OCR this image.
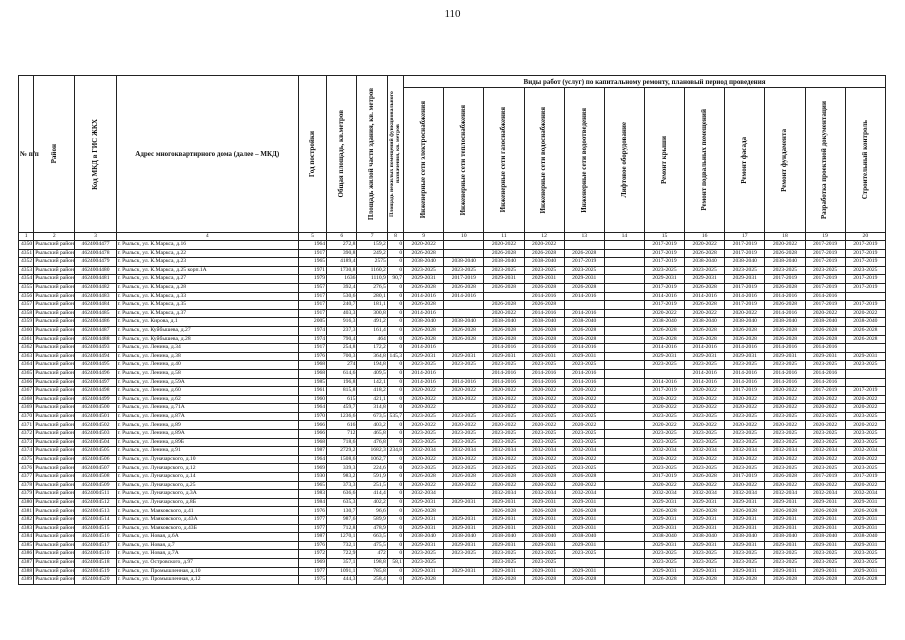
110
№ п/п	Район	Код МКД в ГИС ЖКХ	Адрес многоквартирного дома (далее – МКД)	Год постройки	Общая площадь, кв.метров	Площадь жилой части здания, кв. метров	Площадь нежилых помещений функционального назначения, кв. метров	Виды работ (услуг) по капитальному ремонту, плановый период проведения											

								Инженерные сети электроснабжения	Инженерные сети теплоснабжения	Инженерные сети газоснабжения	Инженерные сети водоснабжения	Инженерные сети водоотведения	Лифтовое оборудование	Ремонт крыши	Ремонт подвальных помещений	Ремонт фасада	Ремонт фундамента	Разработка проектной документации	Строительный контроль

1	2	3	4	5	6	7	8	9	10	11	12	13	14	15	16	17	18	19	20
4350	Рыльский район	4624004477	г. Рыльск, ул. К.Маркса, д.16	1964	272,8	159,2	0	2020-2022		2020-2022	2020-2022			2017-2019	2020-2022	2017-2019	2020-2022	2017-2019	2017-2019
4351	Рыльский район	4624004478	г. Рыльск, ул. К.Маркса, д.22	1917	390,8	249,2	0	2026-2028		2026-2028	2026-2028	2026-2028		2017-2019	2026-2028	2017-2019	2026-2028	2017-2019	2017-2019
4352	Рыльский район	4624004479	г. Рыльск, ул. К.Маркса, д.23	1965	4189,4	2575	0	2038-2040	2038-2040	2038-2040	2038-2040	2017-2019		2017-2019	2038-2040	2038-2040	2038-2040	2017-2019	2017-2019
4353	Рыльский район	4624004480	г. Рыльск, ул. К.Маркса, д.25 корп.1А	1971	1730,8	1160,2	0	2023-2025	2023-2025	2023-2025	2023-2025	2023-2025		2023-2025	2023-2025	2023-2025	2023-2025	2023-2025	2023-2025
4354	Рыльский район	4624004481	г. Рыльск, ул. К.Маркса, д.27	1979	1636	1110,9	90,7	2029-2031	2017-2019	2029-2031	2029-2031	2029-2031		2029-2031	2029-2031	2029-2031	2017-2019	2017-2019	2017-2019
4355	Рыльский район	4624004482	г. Рыльск, ул. К.Маркса, д.28	1957	392,4	276,5	0	2026-2028	2026-2028	2026-2028	2026-2028	2026-2028		2017-2019	2026-2028	2017-2019	2026-2028	2017-2019	2017-2019
4356	Рыльский район	4624004483	г. Рыльск, ул. К.Маркса, д.33	1917	530,6	280,1	0	2014-2016	2014-2016		2014-2016	2014-2016		2014-2016	2014-2016	2014-2016	2014-2016	2014-2016	
4357	Рыльский район	4624004484	г. Рыльск, ул. К.Маркса, д.35	1917	240,7	181,1	0	2026-2028		2026-2028	2026-2028			2017-2019	2026-2028	2017-2019	2026-2028	2017-2019	2017-2019
4358	Рыльский район	4624004485	г. Рыльск, ул. К.Маркса, д.37	1917	403,3	300,8	0	2014-2016		2020-2022	2014-2016	2014-2016		2020-2022	2020-2022	2020-2022	2014-2016	2020-2022	2020-2022
4359	Рыльский район	4624004486	г. Рыльск, ул. Кирова, д.1	2005	916,3	491,2	0	2038-2040	2038-2040	2038-2040	2038-2040	2038-2040		2038-2040	2038-2040	2038-2040	2038-2040	2038-2040	2038-2040
4360	Рыльский район	4624004487	г. Рыльск, ул. Куйбышева, д.27	1974	237,3	161,4	0	2026-2028	2026-2028	2026-2028	2026-2028	2026-2028		2026-2028	2026-2028	2026-2028	2026-2028	2026-2028	2026-2028
4361	Рыльский район	4624004488	г. Рыльск, ул. Куйбышева, д.28	1974	790,4	464	0	2026-2028	2026-2028	2026-2028	2026-2028	2026-2028		2026-2028	2026-2028	2026-2028	2026-2028	2026-2028	2026-2028
4362	Рыльский район	4624004493	г. Рыльск, ул. Ленина, д.34	1917	254,8	172,2	0	2014-2016		2014-2016	2014-2016	2014-2016		2014-2016	2014-2016	2014-2016	2014-2016	2014-2016	
4363	Рыльский район	4624004494	г. Рыльск, ул. Ленина, д.38	1976	700,3	364,8	145,3	2029-2031	2029-2031	2029-2031	2029-2031	2029-2031		2029-2031	2029-2031	2029-2031	2029-2031	2029-2031	2029-2031
4364	Рыльский район	4624004495	г. Рыльск, ул. Ленина, д.40	1968	274	194,8	0	2023-2025	2023-2025	2023-2025	2023-2025	2023-2025		2023-2025	2023-2025	2023-2025	2023-2025	2023-2025	2023-2025
4365	Рыльский район	4624004496	г. Рыльск, ул. Ленина, д.58	1968	614,6	409,5	0	2014-2016		2014-2016	2014-2016	2014-2016			2014-2016	2014-2016	2014-2016	2014-2016	
4366	Рыльский район	4624004497	г. Рыльск, ул. Ленина, д.59А	1985	196,8	142,1	0	2014-2016	2014-2016	2014-2016	2014-2016	2014-2016		2014-2016	2014-2016	2014-2016	2014-2016	2014-2016	
4367	Рыльский район	4624004498	г. Рыльск, ул. Ленина, д.60	1961	815,8	418,2	0	2020-2022	2020-2022	2020-2022	2020-2022	2020-2022		2017-2019	2020-2022	2017-2019	2020-2022	2017-2019	2017-2019
4368	Рыльский район	4624004499	г. Рыльск, ул. Ленина, д.62	1960	615	421,1	0	2020-2022	2020-2022	2020-2022	2020-2022	2020-2022		2020-2022	2020-2022	2020-2022	2020-2022	2020-2022	2020-2022
4369	Рыльский район	4624004500	г. Рыльск, ул. Ленина, д.71А	1964	459,7	314,8	0	2020-2022		2020-2022	2020-2022	2020-2022		2020-2022	2020-2022	2020-2022	2020-2022	2020-2022	2020-2022
4370	Рыльский район	4624004501	г. Рыльск, ул. Ленина, д.87А	1970	1236,6	673,5	535,7	2023-2025	2023-2025	2023-2025	2023-2025	2023-2025		2023-2025	2023-2025	2023-2025	2023-2025	2023-2025	2023-2025
4371	Рыльский район	4624004502	г. Рыльск, ул. Ленина, д.89	1966	616	403,2	0	2020-2022	2020-2022	2020-2022	2020-2022	2020-2022		2020-2022	2020-2022	2020-2022	2020-2022	2020-2022	2020-2022
4372	Рыльский район	4624004503	г. Рыльск, ул. Ленина, д.89А	1966	712	465,8	0	2023-2025	2023-2025	2023-2025	2023-2025	2023-2025		2023-2025	2023-2025	2023-2025	2023-2025	2023-2025	2023-2025
4373	Рыльский район	4624004504	г. Рыльск, ул. Ленина, д.89Б	1968	718,6	476,8	0	2023-2025	2023-2025	2023-2025	2023-2025	2023-2025		2023-2025	2023-2025	2023-2025	2023-2025	2023-2025	2023-2025
4374	Рыльский район	4624004505	г. Рыльск, ул. Ленина, д.91	1987	2729,2	1682,3	234,8	2032-2034	2032-2034	2032-2034	2032-2034	2032-2034		2032-2034	2032-2034	2032-2034	2032-2034	2032-2034	2032-2034
4375	Рыльский район	4624004506	г. Рыльск, ул. Луначарского, д.10	1964	1508,6	1062,7	0	2020-2022	2020-2022	2020-2022	2020-2022	2020-2022		2020-2022	2020-2022	2020-2022	2020-2022	2020-2022	2020-2022
4376	Рыльский район	4624004507	г. Рыльск, ул. Луначарского, д.12	1969	339,3	224,6	0	2023-2025	2023-2025	2023-2025	2023-2025	2023-2025		2023-2025	2023-2025	2023-2025	2023-2025	2023-2025	2023-2025
4377	Рыльский район	4624004508	г. Рыльск, ул. Луначарского, д.14	1930	983,2	591,9	0	2026-2028	2026-2028	2026-2028	2026-2028	2026-2028		2017-2019	2026-2028	2017-2019	2026-2028	2017-2019	2017-2019
4378	Рыльский район	4624004509	г. Рыльск, ул. Луначарского, д.25	1965	373,3	251,5	0	2020-2022	2020-2022	2020-2022	2020-2022	2020-2022		2020-2022	2020-2022	2020-2022	2020-2022	2020-2022	2020-2022
4379	Рыльский район	4624004511	г. Рыльск, ул. Луначарского, д.3А	1983	636,6	414,4	0	2032-2034		2032-2034	2032-2034	2032-2034		2032-2034	2032-2034	2032-2034	2032-2034	2032-2034	2032-2034
4380	Рыльский район	4624004512	г. Рыльск, ул. Луначарского, д.8Б	1984	635,3	402,2	0	2029-2031	2029-2031	2029-2031	2029-2031	2029-2031		2029-2031	2029-2031	2029-2031	2029-2031	2029-2031	2029-2031
4381	Рыльский район	4624004513	г. Рыльск, ул. Маяковского, д.41	1976	130,7	96,6	0	2026-2028		2026-2028	2026-2028	2026-2028		2026-2028	2026-2028	2026-2028	2026-2028	2026-2028	2026-2028
4382	Рыльский район	4624004514	г. Рыльск, ул. Маяковского, д.43А	1977	987,6	589,9	0	2029-2031	2029-2031	2029-2031	2029-2031	2029-2031		2029-2031	2029-2031	2029-2031	2029-2031	2029-2031	2029-2031
4383	Рыльский район	4624004515	г. Рыльск, ул. Маяковского, д.43Б	1977	712,8	478,9	0	2029-2031	2029-2031	2029-2031	2029-2031	2029-2031		2029-2031	2029-2031	2029-2031	2029-2031	2029-2031	2029-2031
4384	Рыльский район	4624004516	г. Рыльск, ул. Новая, д.6А	1987	1270,1	663,5	0	2038-2040	2038-2040	2038-2040	2038-2040	2038-2040		2038-2040	2038-2040	2038-2040	2038-2040	2038-2040	2038-2040
4385	Рыльский район	4624004517	г. Рыльск, ул. Новая, д.7	1976	732,1	475,5	0	2029-2031	2029-2031	2029-2031	2029-2031	2029-2031		2029-2031	2029-2031	2029-2031	2029-2031	2029-2031	2029-2031
4386	Рыльский район	4624004510	г. Рыльск, ул. Новая, д.7А	1972	722,9	472	0	2023-2025	2023-2025	2023-2025	2023-2025	2023-2025		2023-2025	2023-2025	2023-2025	2023-2025	2023-2025	2023-2025
4387	Рыльский район	4624004518	г. Рыльск, ул. Островского, д.97	1969	357,1	198,8	58,1	2023-2025		2023-2025	2023-2025			2023-2025	2023-2025	2023-2025	2023-2025	2023-2025	2023-2025
4388	Рыльский район	4624004519	г. Рыльск, ул. Промышленная, д.10	1977	1091,1	785,8	0	2029-2031	2029-2031	2029-2031	2029-2031	2029-2031		2029-2031	2029-2031	2029-2031	2029-2031	2029-2031	2029-2031
4389	Рыльский район	4624004520	г. Рыльск, ул. Промышленная, д.12	1975	444,3	258,4	0	2026-2028		2026-2028	2026-2028	2026-2028		2026-2028	2026-2028	2026-2028	2026-2028	2026-2028	2026-2028
